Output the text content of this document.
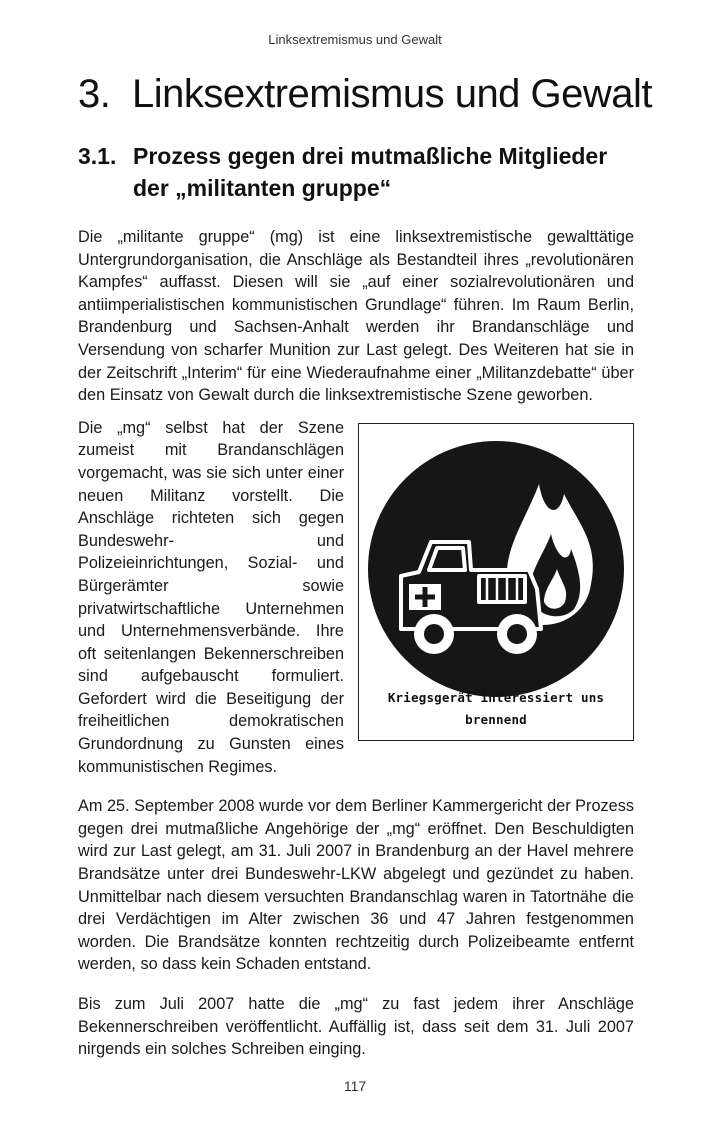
Linksextremismus und Gewalt
3. Linksextremismus und Gewalt
3.1. Prozess gegen drei mutmaßliche Mitglieder der „militanten gruppe“

Die „militante gruppe“ (mg) ist eine linksextremistische gewalttätige Untergrundorganisation, die Anschläge als Bestandteil ihres „revolutionären Kampfes“ auffasst. Diesen will sie „auf einer sozialrevolutionären und antiimperialistischen kommunistischen Grundlage“ führen. Im Raum Berlin, Brandenburg und Sachsen-Anhalt werden ihr Brandanschläge und Versendung von scharfer Munition zur Last gelegt. Des Weiteren hat sie in der Zeitschrift „Interim“ für eine Wiederaufnahme einer „Militanzdebatte“ über den Einsatz von Gewalt durch die linksextremistische Szene geworben.

Kriegsgerät interessiert uns brennend

Die „mg“ selbst hat der Szene zumeist mit Brandanschlägen vorgemacht, was sie sich unter einer neuen Militanz vorstellt. Die Anschläge richteten sich gegen Bundeswehr- und Polizeieinrichtungen, Sozial- und Bürgerämter sowie privatwirtschaftliche Unternehmen und Unternehmensverbände. Ihre oft seitenlangen Bekennerschreiben sind aufgebauscht formuliert. Gefordert wird die Beseitigung der freiheitlichen demokratischen Grundordnung zu Gunsten eines kommunistischen Regimes.

Am 25. September 2008 wurde vor dem Berliner Kammergericht der Prozess gegen drei mutmaßliche Angehörige der „mg“ eröffnet. Den Beschuldigten wird zur Last gelegt, am 31. Juli 2007 in Brandenburg an der Havel mehrere Brandsätze unter drei Bundeswehr-LKW abgelegt und gezündet zu haben. Unmittelbar nach diesem versuchten Brandanschlag waren in Tatortnähe die drei Verdächtigen im Alter zwischen 36 und 47 Jahren festgenommen worden. Die Brandsätze konnten rechtzeitig durch Polizeibeamte entfernt werden, so dass kein Schaden entstand.

Bis zum Juli 2007 hatte die „mg“ zu fast jedem ihrer Anschläge Bekennerschreiben veröffentlicht. Auffällig ist, dass seit dem 31. Juli 2007 nirgends ein solches Schreiben einging.

117
